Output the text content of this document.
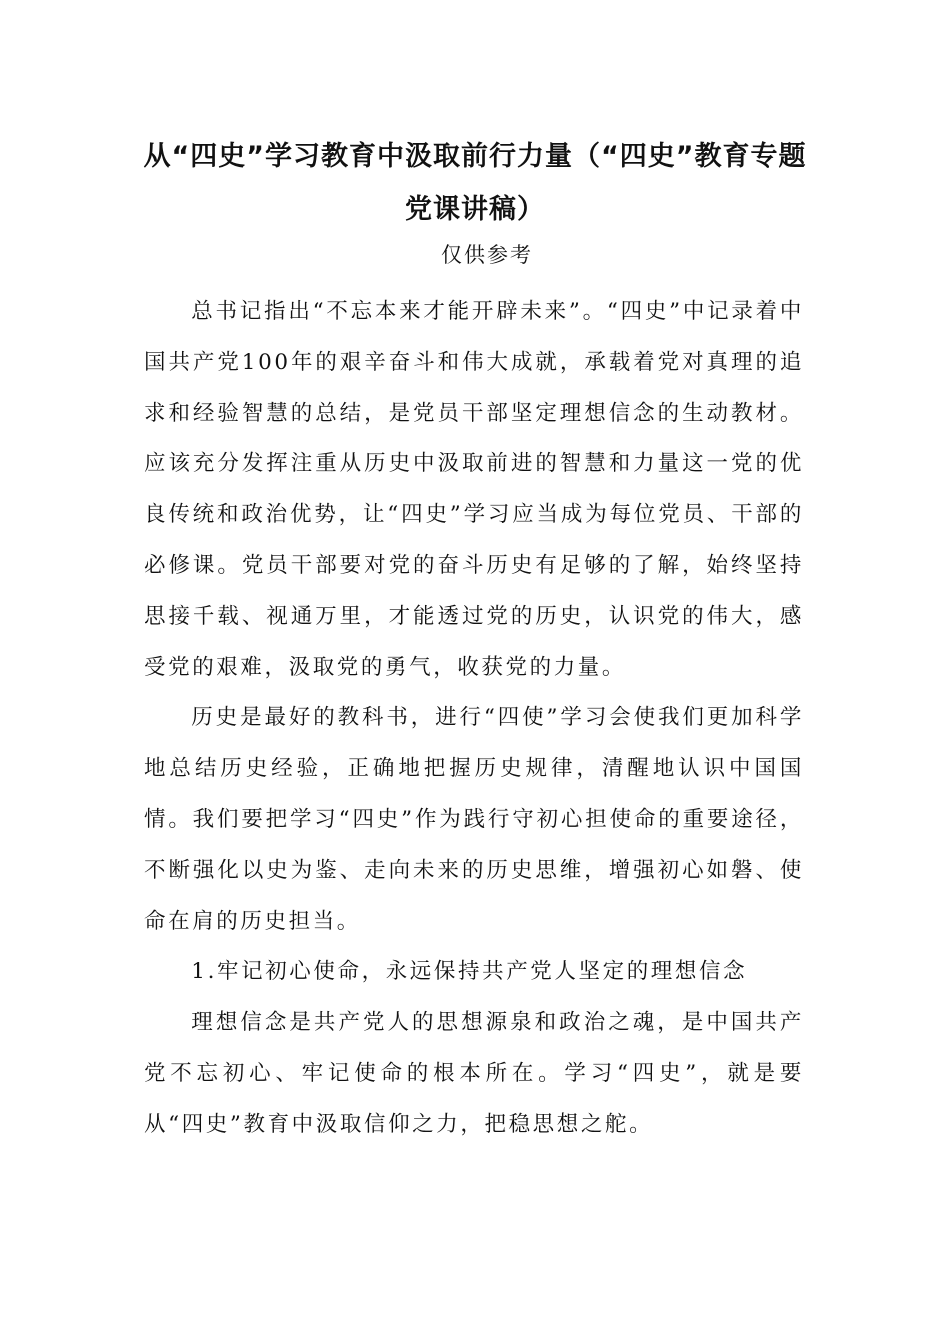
从“四史”学习教育中汲取前行力量（“四史”教育专题
党课讲稿）

仅供参考

总书记指出“不忘本来才能开辟未来”。“四史”中记录着中国共产党100年的艰辛奋斗和伟大成就，承载着党对真理的追求和经验智慧的总结，是党员干部坚定理想信念的生动教材。应该充分发挥注重从历史中汲取前进的智慧和力量这一党的优良传统和政治优势，让“四史”学习应当成为每位党员、干部的必修课。党员干部要对党的奋斗历史有足够的了解，始终坚持思接千载、视通万里，才能透过党的历史，认识党的伟大，感受党的艰难，汲取党的勇气，收获党的力量。

历史是最好的教科书，进行“四使”学习会使我们更加科学地总结历史经验，正确地把握历史规律，清醒地认识中国国情。我们要把学习“四史”作为践行守初心担使命的重要途径，不断强化以史为鉴、走向未来的历史思维，增强初心如磐、使命在肩的历史担当。

1.牢记初心使命，永远保持共产党人坚定的理想信念

理想信念是共产党人的思想源泉和政治之魂，是中国共产党不忘初心、牢记使命的根本所在。学习“四史”，就是要从“四史”教育中汲取信仰之力，把稳思想之舵。
